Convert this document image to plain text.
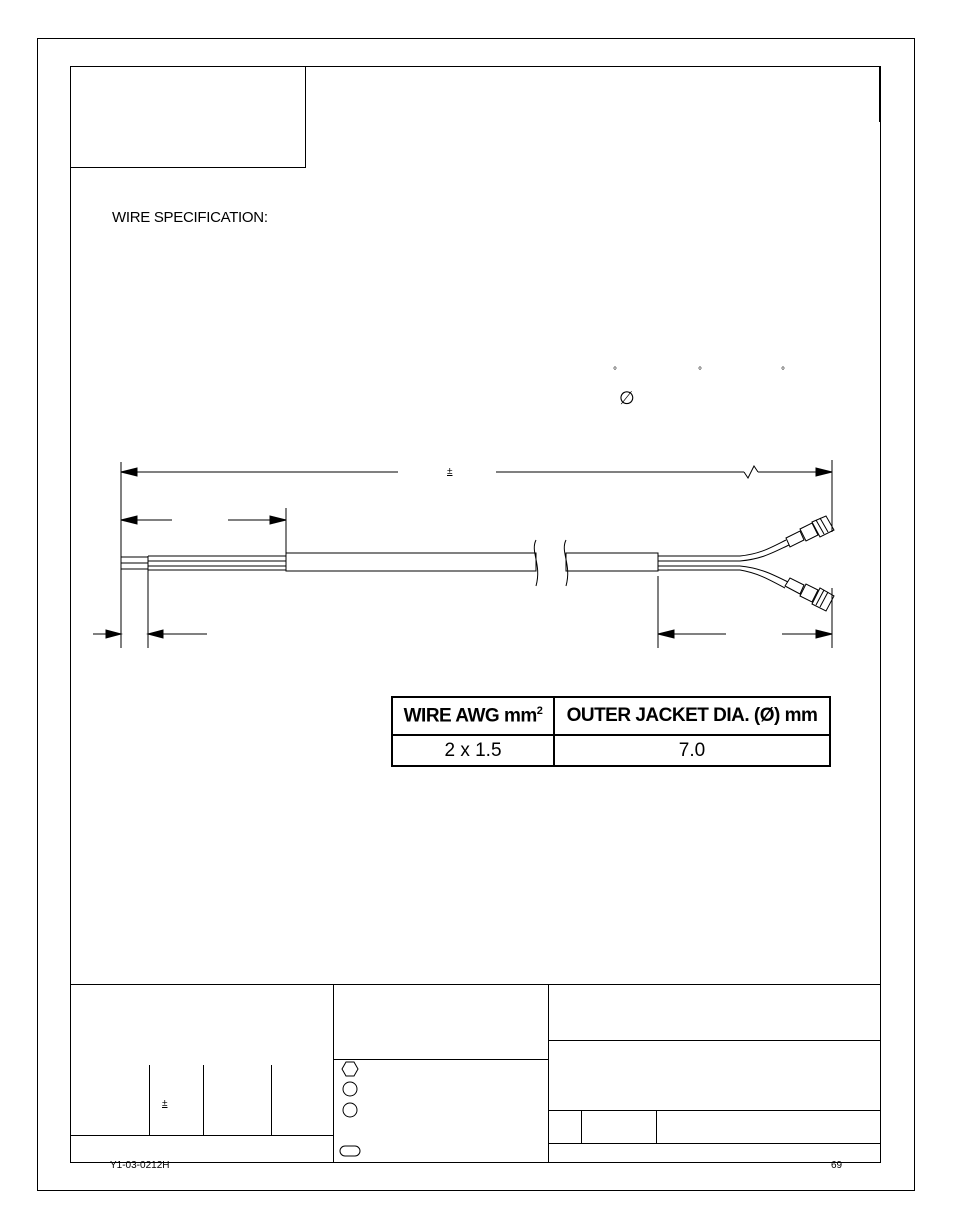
WIRE SPECIFICATION:
°	°	°
∅
±
WIRE AWG $mm^2$	OUTER JACKET DIA. (Ø) mm
2 x 1.5	7.0
±
Y1-03-0212H	69
